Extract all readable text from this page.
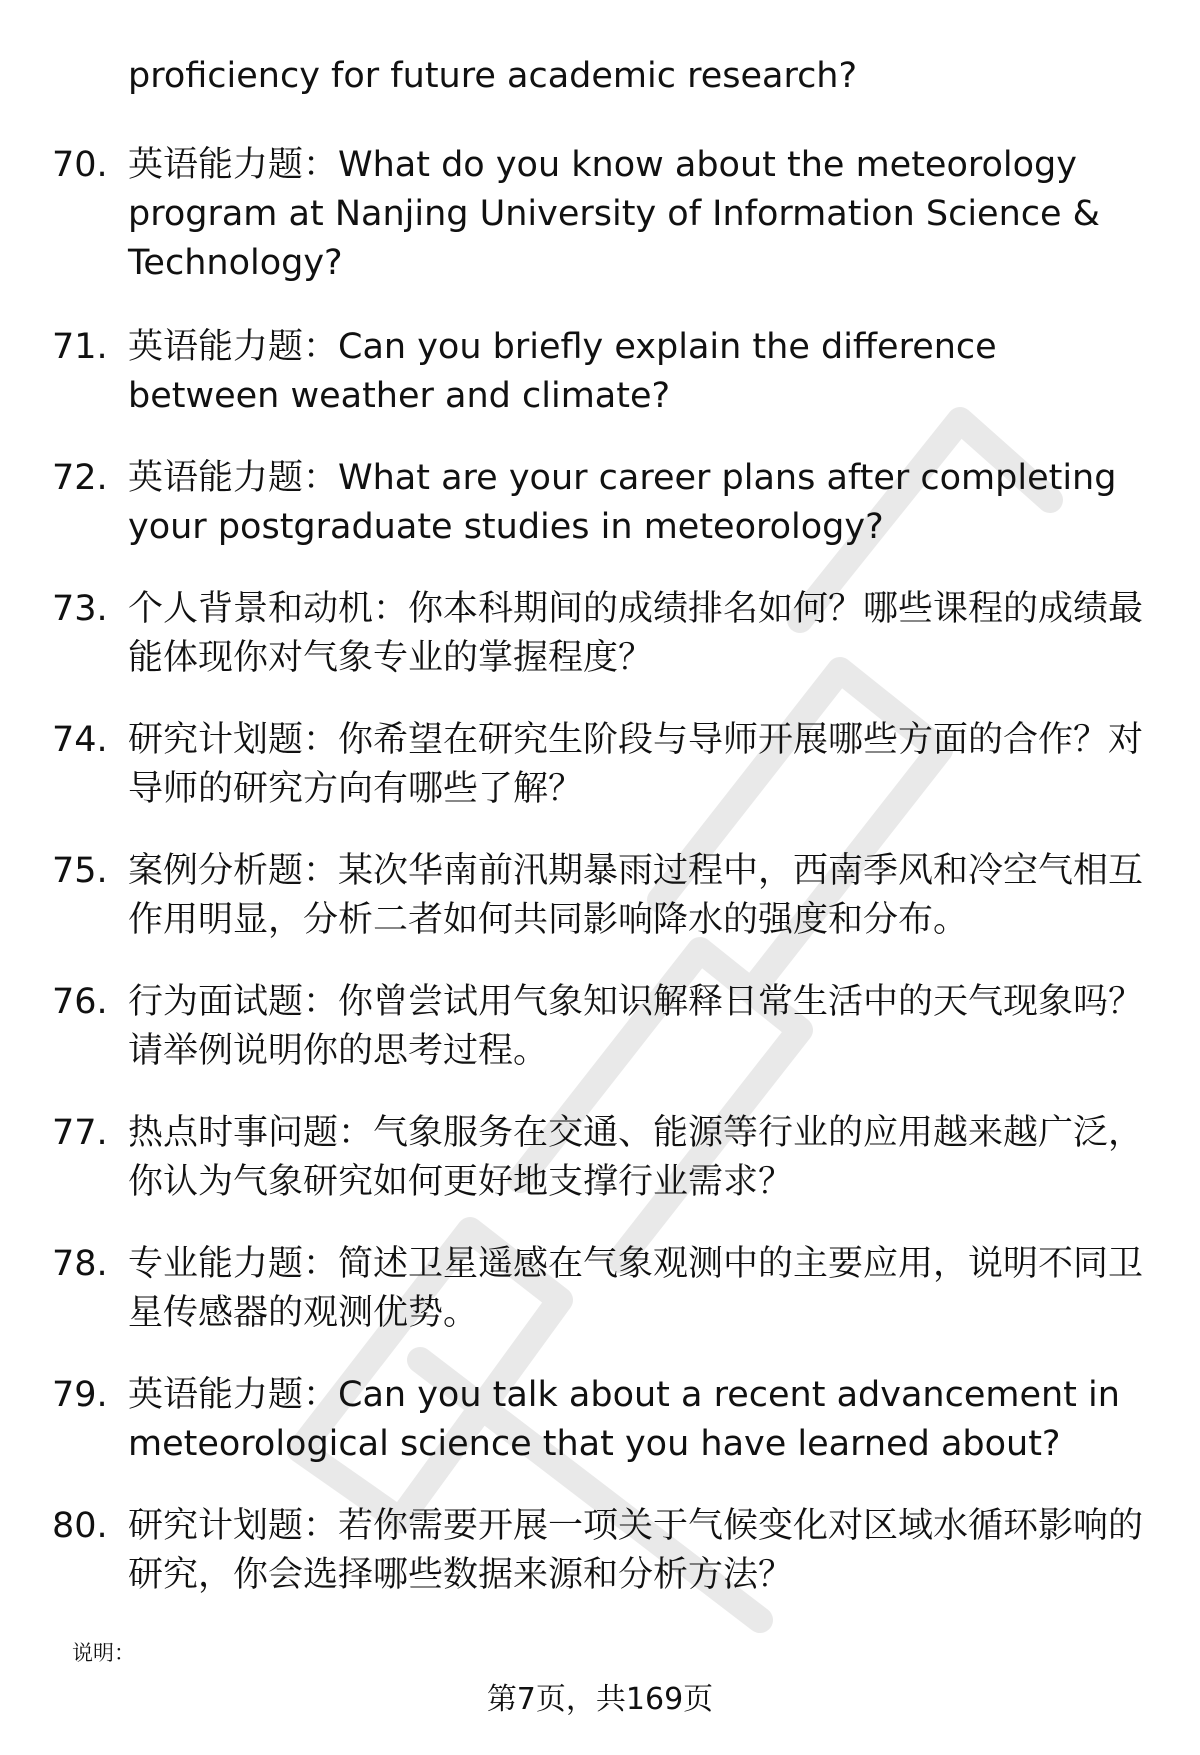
proficiency for future academic research?
70. 英语能力题：What do you know about the meteorology program at Nanjing University of Information Science & Technology?
71. 英语能力题：Can you briefly explain the difference between weather and climate?
72. 英语能力题：What are your career plans after completing your postgraduate studies in meteorology?
73. 个人背景和动机：你本科期间的成绩排名如何？哪些课程的成绩最能体现你对气象专业的掌握程度？
74. 研究计划题：你希望在研究生阶段与导师开展哪些方面的合作？对导师的研究方向有哪些了解？
75. 案例分析题：某次华南前汛期暴雨过程中，西南季风和冷空气相互作用明显，分析二者如何共同影响降水的强度和分布。
76. 行为面试题：你曾尝试用气象知识解释日常生活中的天气现象吗？请举例说明你的思考过程。
77. 热点时事问题：气象服务在交通、能源等行业的应用越来越广泛，你认为气象研究如何更好地支撑行业需求？
78. 专业能力题：简述卫星遥感在气象观测中的主要应用，说明不同卫星传感器的观测优势。
79. 英语能力题：Can you talk about a recent advancement in meteorological science that you have learned about?
80. 研究计划题：若你需要开展一项关于气候变化对区域水循环影响的研究，你会选择哪些数据来源和分析方法？
说明：
第7页，共169页
